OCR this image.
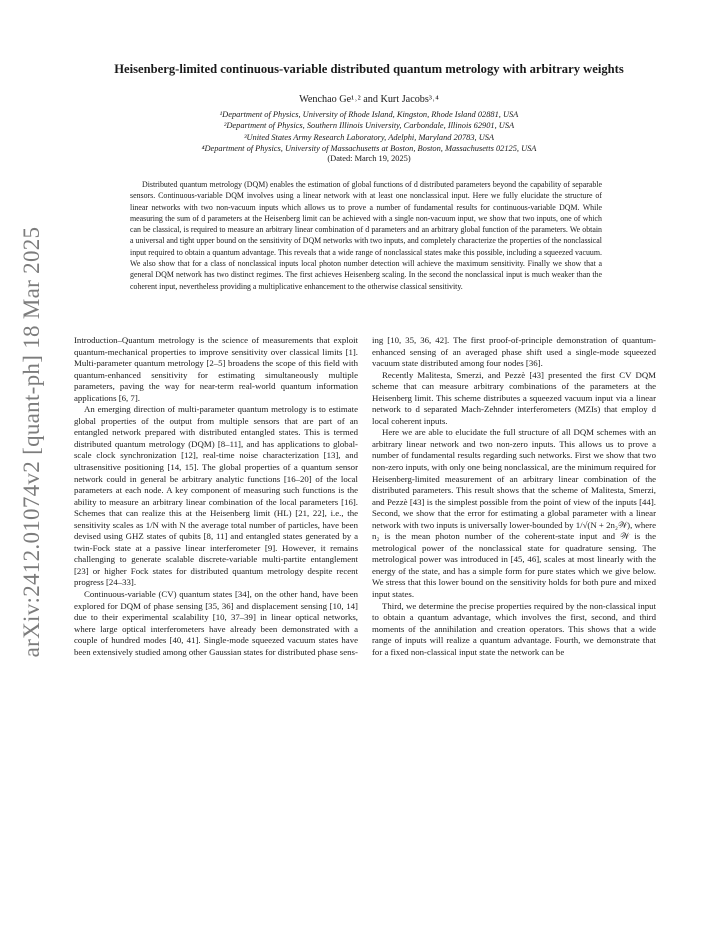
arXiv:2412.01074v2 [quant-ph] 18 Mar 2025
Heisenberg-limited continuous-variable distributed quantum metrology with arbitrary weights
Wenchao Ge¹˒² and Kurt Jacobs³˒⁴
¹Department of Physics, University of Rhode Island, Kingston, Rhode Island 02881, USA
²Department of Physics, Southern Illinois University, Carbondale, Illinois 62901, USA
³United States Army Research Laboratory, Adelphi, Maryland 20783, USA
⁴Department of Physics, University of Massachusetts at Boston, Boston, Massachusetts 02125, USA
(Dated: March 19, 2025)
Distributed quantum metrology (DQM) enables the estimation of global functions of d distributed parameters beyond the capability of separable sensors. Continuous-variable DQM involves using a linear network with at least one nonclassical input. Here we fully elucidate the structure of linear networks with two non-vacuum inputs which allows us to prove a number of fundamental results for continuous-variable DQM. While measuring the sum of d parameters at the Heisenberg limit can be achieved with a single non-vacuum input, we show that two inputs, one of which can be classical, is required to measure an arbitrary linear combination of d parameters and an arbitrary global function of the parameters. We obtain a universal and tight upper bound on the sensitivity of DQM networks with two inputs, and completely characterize the properties of the nonclassical input required to obtain a quantum advantage. This reveals that a wide range of nonclassical states make this possible, including a squeezed vacuum. We also show that for a class of nonclassical inputs local photon number detection will achieve the maximum sensitivity. Finally we show that a general DQM network has two distinct regimes. The first achieves Heisenberg scaling. In the second the nonclassical input is much weaker than the coherent input, nevertheless providing a multiplicative enhancement to the otherwise classical sensitivity.

Introduction–Quantum metrology is the science of measurements that exploit quantum-mechanical properties to improve sensitivity over classical limits [1]. Multi-parameter quantum metrology [2–5] broadens the scope of this field with quantum-enhanced sensitivity for estimating simultaneously multiple parameters, paving the way for near-term real-world quantum information applications [6, 7].

An emerging direction of multi-parameter quantum metrology is to estimate global properties of the output from multiple sensors that are part of an entangled network prepared with distributed entangled states. This is termed distributed quantum metrology (DQM) [8–11], and has applications to global-scale clock synchronization [12], real-time noise characterization [13], and ultrasensitive positioning [14, 15]. The global properties of a quantum sensor network could in general be arbitrary analytic functions [16–20] of the local parameters at each node. A key component of measuring such functions is the ability to measure an arbitrary linear combination of the local parameters [16]. Schemes that can realize this at the Heisenberg limit (HL) [21, 22], i.e., the sensitivity scales as 1/N with N the average total number of particles, have been devised using GHZ states of qubits [8, 11] and entangled states generated by a twin-Fock state at a passive linear interferometer [9]. However, it remains challenging to generate scalable discrete-variable multi-partite entanglement [23] or higher Fock states for distributed quantum metrology despite recent progress [24–33].

Continuous-variable (CV) quantum states [34], on the other hand, have been explored for DQM of phase sensing [35, 36] and displacement sensing [10, 14] due to their experimental scalability [10, 37–39] in linear optical networks, where large optical interferometers have already been demonstrated with a couple of hundred modes [40, 41]. Single-mode squeezed vacuum states have been extensively studied among other Gaussian states for distributed phase sens-

ing [10, 35, 36, 42]. The first proof-of-principle demonstration of quantum-enhanced sensing of an averaged phase shift used a single-mode squeezed vacuum state distributed among four nodes [36].

Recently Malitesta, Smerzi, and Pezzè [43] presented the first CV DQM scheme that can measure arbitrary combinations of the parameters at the Heisenberg limit. This scheme distributes a squeezed vacuum input via a linear network to d separated Mach-Zehnder interferometers (MZIs) that employ d local coherent inputs.

Here we are able to elucidate the full structure of all DQM schemes with an arbitrary linear network and two non-zero inputs. This allows us to prove a number of fundamental results regarding such networks. First we show that two non-zero inputs, with only one being nonclassical, are the minimum required for Heisenberg-limited measurement of an arbitrary linear combination of the distributed parameters. This result shows that the scheme of Malitesta, Smerzi, and Pezzè [43] is the simplest possible from the point of view of the inputs [44]. Second, we show that the error for estimating a global parameter with a linear network with two inputs is universally lower-bounded by 1/√(N + 2n₂𝒲), where n₂ is the mean photon number of the coherent-state input and 𝒲 is the metrological power of the nonclassical state for quadrature sensing. The metrological power was introduced in [45, 46], scales at most linearly with the energy of the state, and has a simple form for pure states which we give below. We stress that this lower bound on the sensitivity holds for both pure and mixed input states.

Third, we determine the precise properties required by the non-classical input to obtain a quantum advantage, which involves the first, second, and third moments of the annihilation and creation operators. This shows that a wide range of inputs will realize a quantum advantage. Fourth, we demonstrate that for a fixed non-classical input state the network can be
